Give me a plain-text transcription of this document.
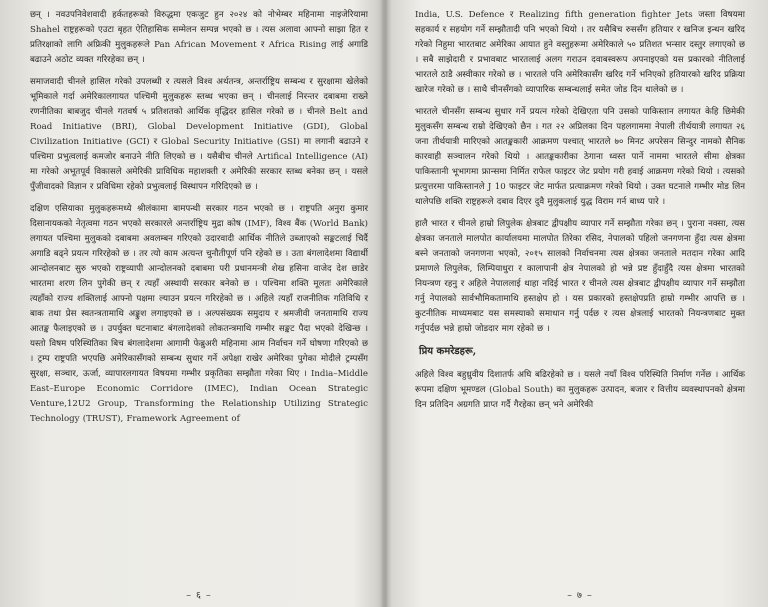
छन् । नवउपनिवेशवादी हर्कतहरूको विरुद्धमा एकजुट हुन २०२४ को नोभेम्बर महिनामा नाइजेरियामा Shahel राष्ट्रहरूको एउटा बृहत ऐतिहासिक सम्मेलन सम्पन्न भएको छ । त्यस अलावा आफ्नो साझा हित र प्रतिरक्षाको लागि अफ्रिकी मुलुकहरूले Pan African Movement र Africa Rising लाई अगाडि बढाउने अठोट व्यक्त गरिरहेका छन् ।

समाजवादी चीनले हासिल गरेको उपलब्धी र त्यसले विश्व अर्थतन्त्र, अन्तर्राष्ट्रिय सम्बन्ध र सुरक्षामा खेलेको भूमिकाले गर्दा अमेरिकालगायत पश्चिमी मुलुकहरू स्तब्ध भएका छन् । चीनलाई निरन्तर दबाबमा राख्ने रणनीतिका बाबजुद चीनले गतवर्ष ५ प्रतिशतको आर्थिक वृद्धिदर हासिल गरेको छ । चीनले Belt and Road Initiative (BRI), Global Development Initiative (GDI), Global Civilization Initiative (GCI) र Global Security Initiative (GSI) मा लगानी बढाउने र पश्चिमा प्रभुत्वलाई कमजोर बनाउने नीति लिएको छ । यसैबीच चीनले Artifical Intelligence (AI) मा गरेको अभूतपूर्व विकासले अमेरिकी प्राविधिक महाशक्ती र अमेरिकी सरकार स्तब्ध बनेका छन् । यसले पुँजीवादको विज्ञान र प्रविधिमा रहेको प्रभुत्वलाई विस्थापन गरिदिएको छ ।

दक्षिण एसियाका मुलुकहरूमध्ये श्रीलंकामा बामपन्थी सरकार गठन भएको छ । राष्ट्रपति अनुरा कुमार दिसानायकको नेतृत्वमा गठन भएको सरकारले अन्तर्राष्ट्रिय मुद्रा कोष (IMF), विश्व बैंक (World Bank) लगायत पश्चिमा मुलुकको दबाबमा अवलम्बन गरिएको उदारवादी आर्थिक नीतिले उब्जाएको सङ्कटलाई चिर्दै अगाडि बढ्ने प्रयत्न गरिरहेको छ । तर त्यो काम अत्यन्त चुनौतीपूर्ण पनि रहेको छ । उता बंगलादेशमा विद्यार्थी आन्दोलनबाट सुरु भएको राष्ट्रव्यापी आन्दोलनको दबाबमा परी प्रधानमन्त्री शेख हसिना वाजेद देश छाडेर भारतमा शरण लिन पुगेकी छन् र त्यहाँ अस्थायी सरकार बनेको छ । पश्चिमा शक्ति मूलतः अमेरिकाले त्यहाँको राज्य शक्तिलाई आफ्नो पक्षमा ल्याउन प्रयत्न गरिरहेको छ । अहिले त्यहाँ राजनीतिक गतिविधि र बाक तथा प्रेस स्वतन्त्रतामाथि अङ्कुश लगाइएको छ । अल्पसंख्यक समुदाय र श्रमजीवी जनतामाथि राज्य आतङ्क फैलाइएको छ । उपर्युक्त घटनाबाट बंगलादेशको लोकतन्त्रमाथि गम्भीर सङ्कट पैदा भएको देखिन्छ । यस्तो विषम परिस्थितिका बिच बंगलादेशमा आगामी फेब्रुअरी महिनामा आम निर्वाचन गर्ने घोषणा गरिएको छ । ट्रम्प राष्ट्रपति भएपछि अमेरिकासँगको सम्बन्ध सुधार गर्ने अपेक्षा राखेर अमेरिका पुगेका मोदीले ट्रम्पसँग सुरक्षा, सञ्चार, ऊर्जा, व्यापारलगायत विषयमा गम्भीर प्रकृतिका सम्झौता गरेका थिए । India–Middle East–Europe Economic Corridore (IMEC), Indian Ocean Strategic Venture,12U2 Group, Transforming the Relationship Utilizing Strategic Technology (TRUST), Framework Agreement of

– ६ –

India, U.S. Defence र Realizing fifth generation fighter Jets जस्ता विषयमा सहकार्य र सहयोग गर्ने सम्झौतादी पनि भएको थियो । तर यसैबिच रुससँग हतियार र खनिज इन्धन खरिद गरेको निहुमा भारतबाट अमेरिका आयात हुने वस्तुहरूमा अमेरिकाले ५० प्रतिशत भन्सार दस्तुर लगाएको छ । सबै साझेदारी र प्रभावबाट भारतलाई अलग गराउन दवाबस्वरूप अपनाइएको यस प्रकारको नीतिलाई भारतले ठाडै अस्वीकार गरेको छ । भारतले पनि अमेरिकासँग खरिद गर्ने भनिएको हतियारको खरिद प्रक्रिया खारेज गरेको छ । साथै चीनसँगको व्यापारिक सम्बन्धलाई समेत जोड दिन थालेको छ ।

भारतले चीनसँग सम्बन्ध सुधार गर्ने प्रयत्न गरेको देखिएता पनि उसको पाकिस्तान लगायत केहि छिमेकी मुलुकसँग सम्बन्ध राम्रो देखिएको छैन । गत २२ अप्रिलका दिन पहलगाममा नेपाली तीर्थयात्री लगायत २६ जना तीर्थयात्री मारिएको आतङ्ककारी आक्रमण पश्चात् भारतले ७० मिनट अपरेसन सिन्दुर नामको सैनिक कारवाही सञ्चालन गरेको थियो । आतङ्ककारीका ठेगाना ध्वस्त पार्ने नाममा भारतले सीमा क्षेत्रका पाकिस्तानी भूभागमा फ्रान्समा निर्मित राफेल फाइटर जेट प्रयोग गरी हवाई आक्रमण गरेको थियो । त्यसको प्रत्युत्तरमा पाकिस्तानले J 10 फाइटर जेट मार्फत प्रत्याक्रमण गरेको थियो । उक्त घटनाले गम्भीर मोड लिन थालेपछि शक्ति राष्ट्रहरूले दबाव दिएर दुवै मुलुकलाई युद्ध विराम गर्न बाध्य पारे ।

हालै भारत र चीनले हाम्रो लिपुलेक क्षेत्रबाट द्वीपक्षीय व्यापार गर्ने सम्झौता गरेका छन् । पुराना नक्सा, त्यस क्षेत्रका जनताले मालपोत कार्यालयमा मालपोत तिरेका रसिद, नेपालको पहिलो जनगणना हुँदा त्यस क्षेत्रमा बस्ने जनताको जनगणना भएको, २०१५ सालको निर्वाचनमा त्यस क्षेत्रका जनताले मतदान गरेका आदि प्रमाणले लिपुलेक, लिम्पियाधुरा र कालापानी क्षेत्र नेपालको हो भन्ने प्रष्ट हुँदाहुँदै त्यस क्षेत्रमा भारतको नियन्त्रण रहनु र अहिले नेपाललाई थाहा नदिई भारत र चीनले त्यस क्षेत्रबाट द्वीपक्षीय व्यापार गर्ने सम्झौता गर्नु नेपालको सार्वभौमिकतामाथि हस्तक्षेप हो । यस प्रकारको हस्तक्षेपप्रति हाम्रो गम्भीर आपत्ति छ । कुटनीतिक माध्यमबाट यस समस्याको समाधान गर्नु पर्दछ र त्यस क्षेत्रलाई भारतको नियन्त्रणबाट मुक्त गर्नुपर्दछ भन्ने हाम्रो जोडदार माग रहेको छ ।

प्रिय कमरेडहरू,

अहिले विश्व बहुध्रुवीय दिशातर्फ अघि बढिरहेको छ । यसले नयाँ विश्व परिस्थिति निर्माण गर्नेछ । आर्थिक रूपमा दक्षिण भूमण्डल (Global South) का मुलुकहरू उत्पादन, बजार र वित्तीय व्यवस्थापनको क्षेत्रमा दिन प्रतिदिन अग्रगति प्राप्त गर्दै गैरहेका छन् भने अमेरिकी

– ७ –
